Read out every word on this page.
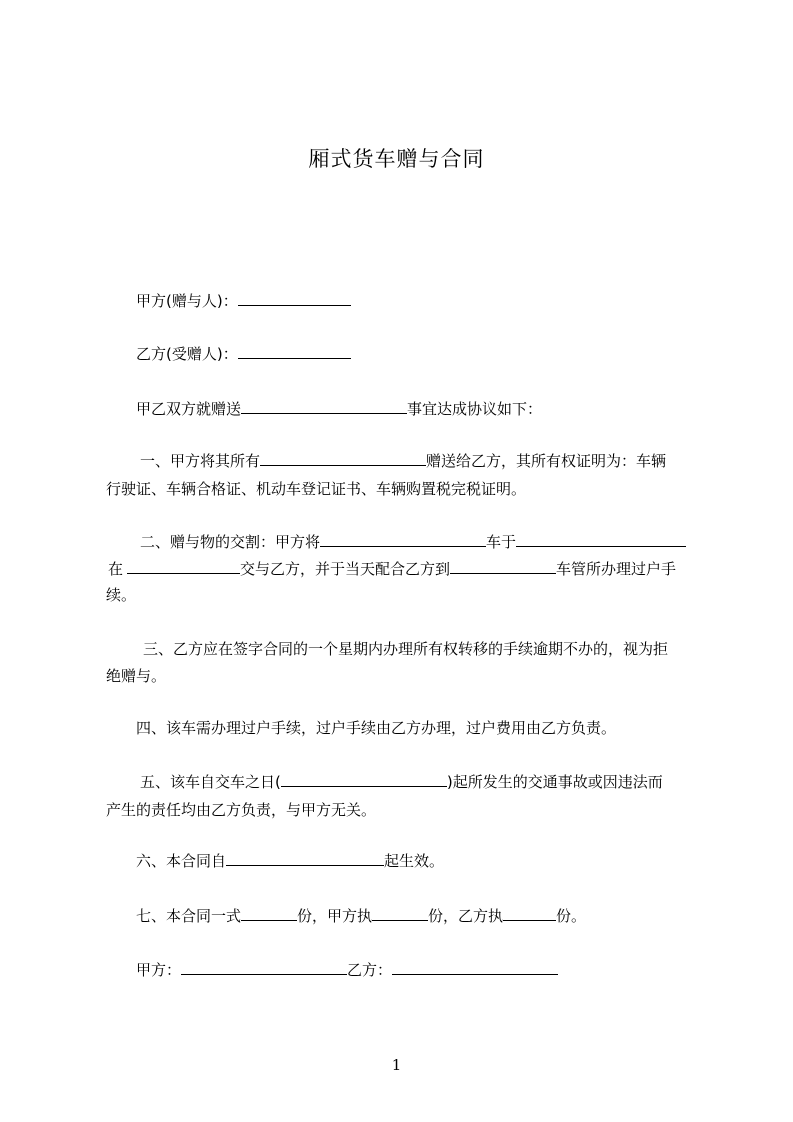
厢式货车赠与合同
甲方(赠与人)：
乙方(受赠人)：
甲乙双方就赠送	事宜达成协议如下：
一、甲方将其所有	赠送给乙方，其所有权证明为：车辆
行驶证、车辆合格证、机动车登记证书、车辆购置税完税证明。
二、赠与物的交割：甲方将	车于
在	交与乙方，并于当天配合乙方到	车管所办理过户手
续。
三、乙方应在签字合同的一个星期内办理所有权转移的手续逾期不办的，视为拒
绝赠与。
四、该车需办理过户手续，过户手续由乙方办理，过户费用由乙方负责。
五、该车自交车之日(	)起所发生的交通事故或因违法而
产生的责任均由乙方负责，与甲方无关。
六、本合同自	起生效。
七、本合同一式	份，甲方执	份，乙方执	份。
甲方：	乙方：
1
